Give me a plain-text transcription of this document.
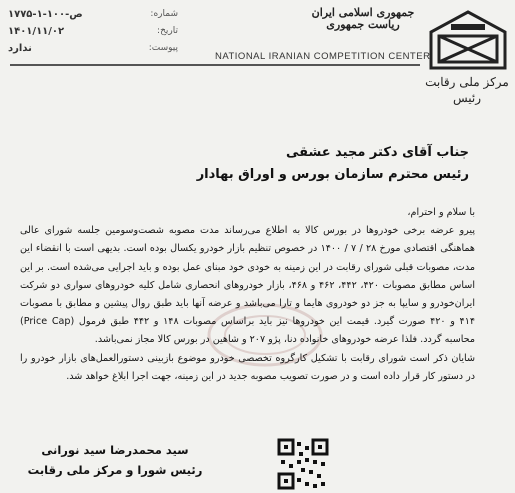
شماره:
۱۷۷۵-۱-۱۰۰-ص
تاریخ:
۱۴۰۱/۱۱/۰۲
پیوست:
ندارد
جمهوری اسلامی ایران
ریاست جمهوری
مرکز ملی رقابت
رئیس
NATIONAL IRANIAN COMPETITION CENTER
جناب آقای دکتر مجید عشقی
رئیس محترم سازمان بورس و اوراق بهادار

با سلام و احترام،

پیرو عرضه برخی خودروها در بورس کالا به اطلاع می‌رساند مدت مصوبه شصت‌وسومین جلسه شورای عالی هماهنگی اقتصادی مورخ ۲۸ / ۷ / ۱۴۰۰ در خصوص تنظیم بازار خودرو یکسال بوده است. بدیهی است با انقضاء این مدت، مصوبات قبلی شورای رقابت در این زمینه به خودی خود مبنای عمل بوده و باید اجرایی می‌شده است. بر این اساس مطابق مصوبات ۴۲۰، ۴۴۲، ۴۶۲ و ۴۶۸، بازار خودروهای انحصاری شامل کلیه خودروهای سواری دو شرکت ایران‌خودرو و سایپا به جز دو خودروی هایما و تارا می‌باشد و عرضه آنها باید طبق روال پیشین و مطابق با مصوبات ۴۱۴ و ۴۲۰ صورت گیرد. قیمت این خودروها نیز باید براساس مصوبات ۱۴۸ و ۴۴۲ طبق فرمول (Price Cap) محاسبه گردد. فلذا عرضه خودروهای خانواده دنا، پژو ۲۰۷ و شاهین در بورس کالا مجاز نمی‌باشد.

شایان ذکر است شورای رقابت با تشکیل کارگروه تخصصی خودرو موضوع بازبینی دستورالعمل‌های بازار خودرو را در دستور کار قرار داده است و در صورت تصویب مصوبه جدید در این زمینه، جهت اجرا ابلاغ خواهد شد.

سید محمدرضا سید نورانی
رئیس شورا و مرکز ملی رقابت
